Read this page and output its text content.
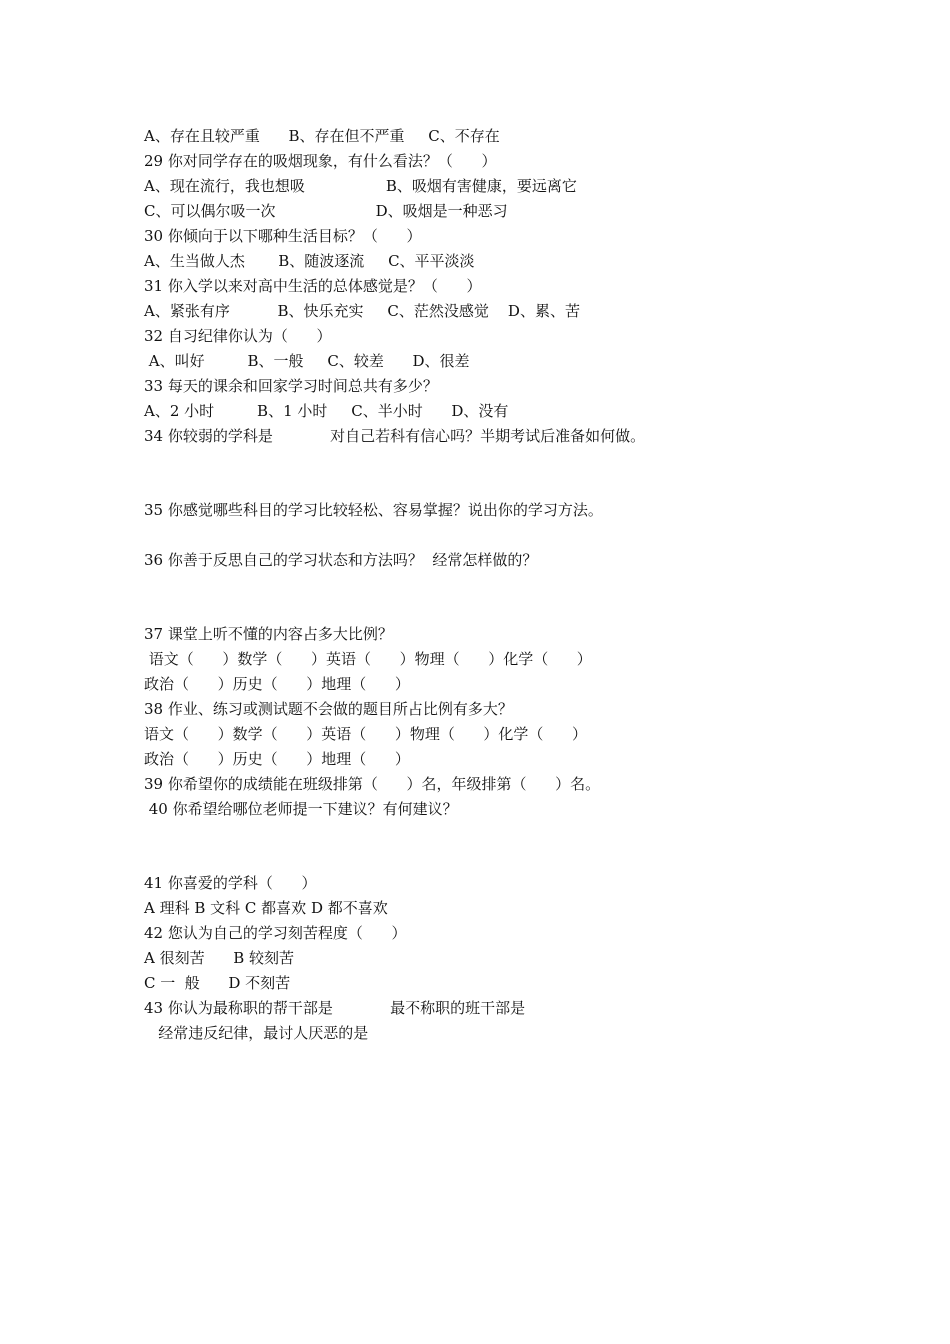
A、存在且较严重      B、存在但不严重     C、不存在
29 你对同学存在的吸烟现象，有什么看法？（      ）
A、现在流行，我也想吸                 B、吸烟有害健康，要远离它
C、可以偶尔吸一次                     D、吸烟是一种恶习
30 你倾向于以下哪种生活目标？（      ）
A、生当做人杰       B、随波逐流     C、平平淡淡
31 你入学以来对高中生活的总体感觉是？（      ）
A、紧张有序          B、快乐充实     C、茫然没感觉    D、累、苦
32 自习纪律你认为（      ）
A、叫好         B、一般     C、较差      D、很差
33 每天的课余和回家学习时间总共有多少？
A、2 小时         B、1 小时     C、半小时      D、没有
34 你较弱的学科是            对自己若科有信心吗？半期考试后准备如何做。
35 你感觉哪些科目的学习比较轻松、容易掌握？说出你的学习方法。
36 你善于反思自己的学习状态和方法吗？  经常怎样做的？
37 课堂上听不懂的内容占多大比例？
语文（      ）数学（      ）英语（      ）物理（      ）化学（      ）
政治（      ）历史（      ）地理（      ）
38 作业、练习或测试题不会做的题目所占比例有多大？
语文（      ）数学（      ）英语（      ）物理（      ）化学（      ）
政治（      ）历史（      ）地理（      ）
39 你希望你的成绩能在班级排第（      ）名，年级排第（      ）名。
40 你希望给哪位老师提一下建议？有何建议？
41 你喜爱的学科（      ）
A 理科 B 文科 C 都喜欢 D 都不喜欢
42 您认为自己的学习刻苦程度（      ）
A 很刻苦      B 较刻苦
C 一  般      D 不刻苦
43 你认为最称职的帮干部是            最不称职的班干部是
经常违反纪律，最讨人厌恶的是
